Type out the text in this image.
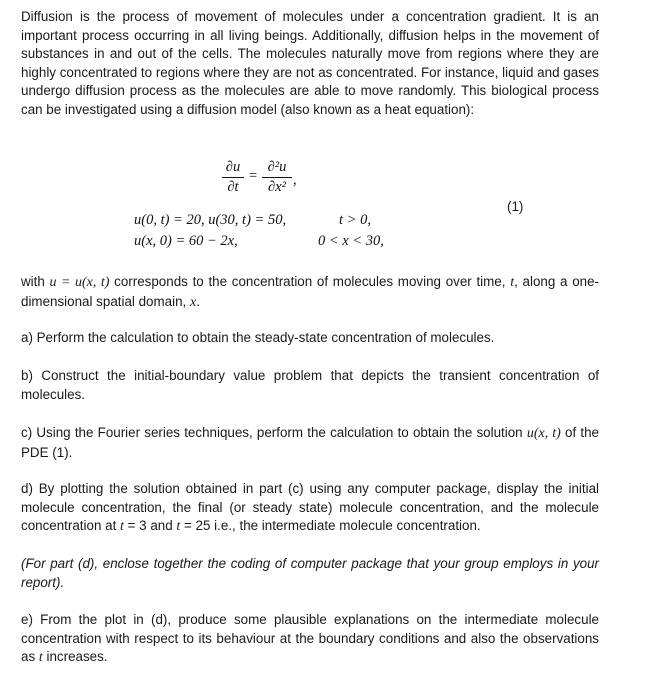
Diffusion is the process of movement of molecules under a concentration gradient. It is an important process occurring in all living beings. Additionally, diffusion helps in the movement of substances in and out of the cells. The molecules naturally move from regions where they are highly concentrated to regions where they are not as concentrated. For instance, liquid and gases undergo diffusion process as the molecules are able to move randomly. This biological process can be investigated using a diffusion model (also known as a heat equation):

∂u
∂t
=
∂²u
∂x² ,
u(0, t) = 20, u(30, t) = 50,	t > 0,
u(x, 0) = 60 − 2x,	0 < x < 30,
(1)

with u = u(x, t) corresponds to the concentration of molecules moving over time, t, along a one-dimensional spatial domain, x.

a) Perform the calculation to obtain the steady-state concentration of molecules.

b) Construct the initial-boundary value problem that depicts the transient concentration of molecules.

c) Using the Fourier series techniques, perform the calculation to obtain the solution u(x, t) of the PDE (1).

d) By plotting the solution obtained in part (c) using any computer package, display the initial molecule concentration, the final (or steady state) molecule concentration, and the molecule concentration at t = 3 and t = 25 i.e., the intermediate molecule concentration.

(For part (d), enclose together the coding of computer package that your group employs in your report).

e) From the plot in (d), produce some plausible explanations on the intermediate molecule concentration with respect to its behaviour at the boundary conditions and also the observations as t increases.
